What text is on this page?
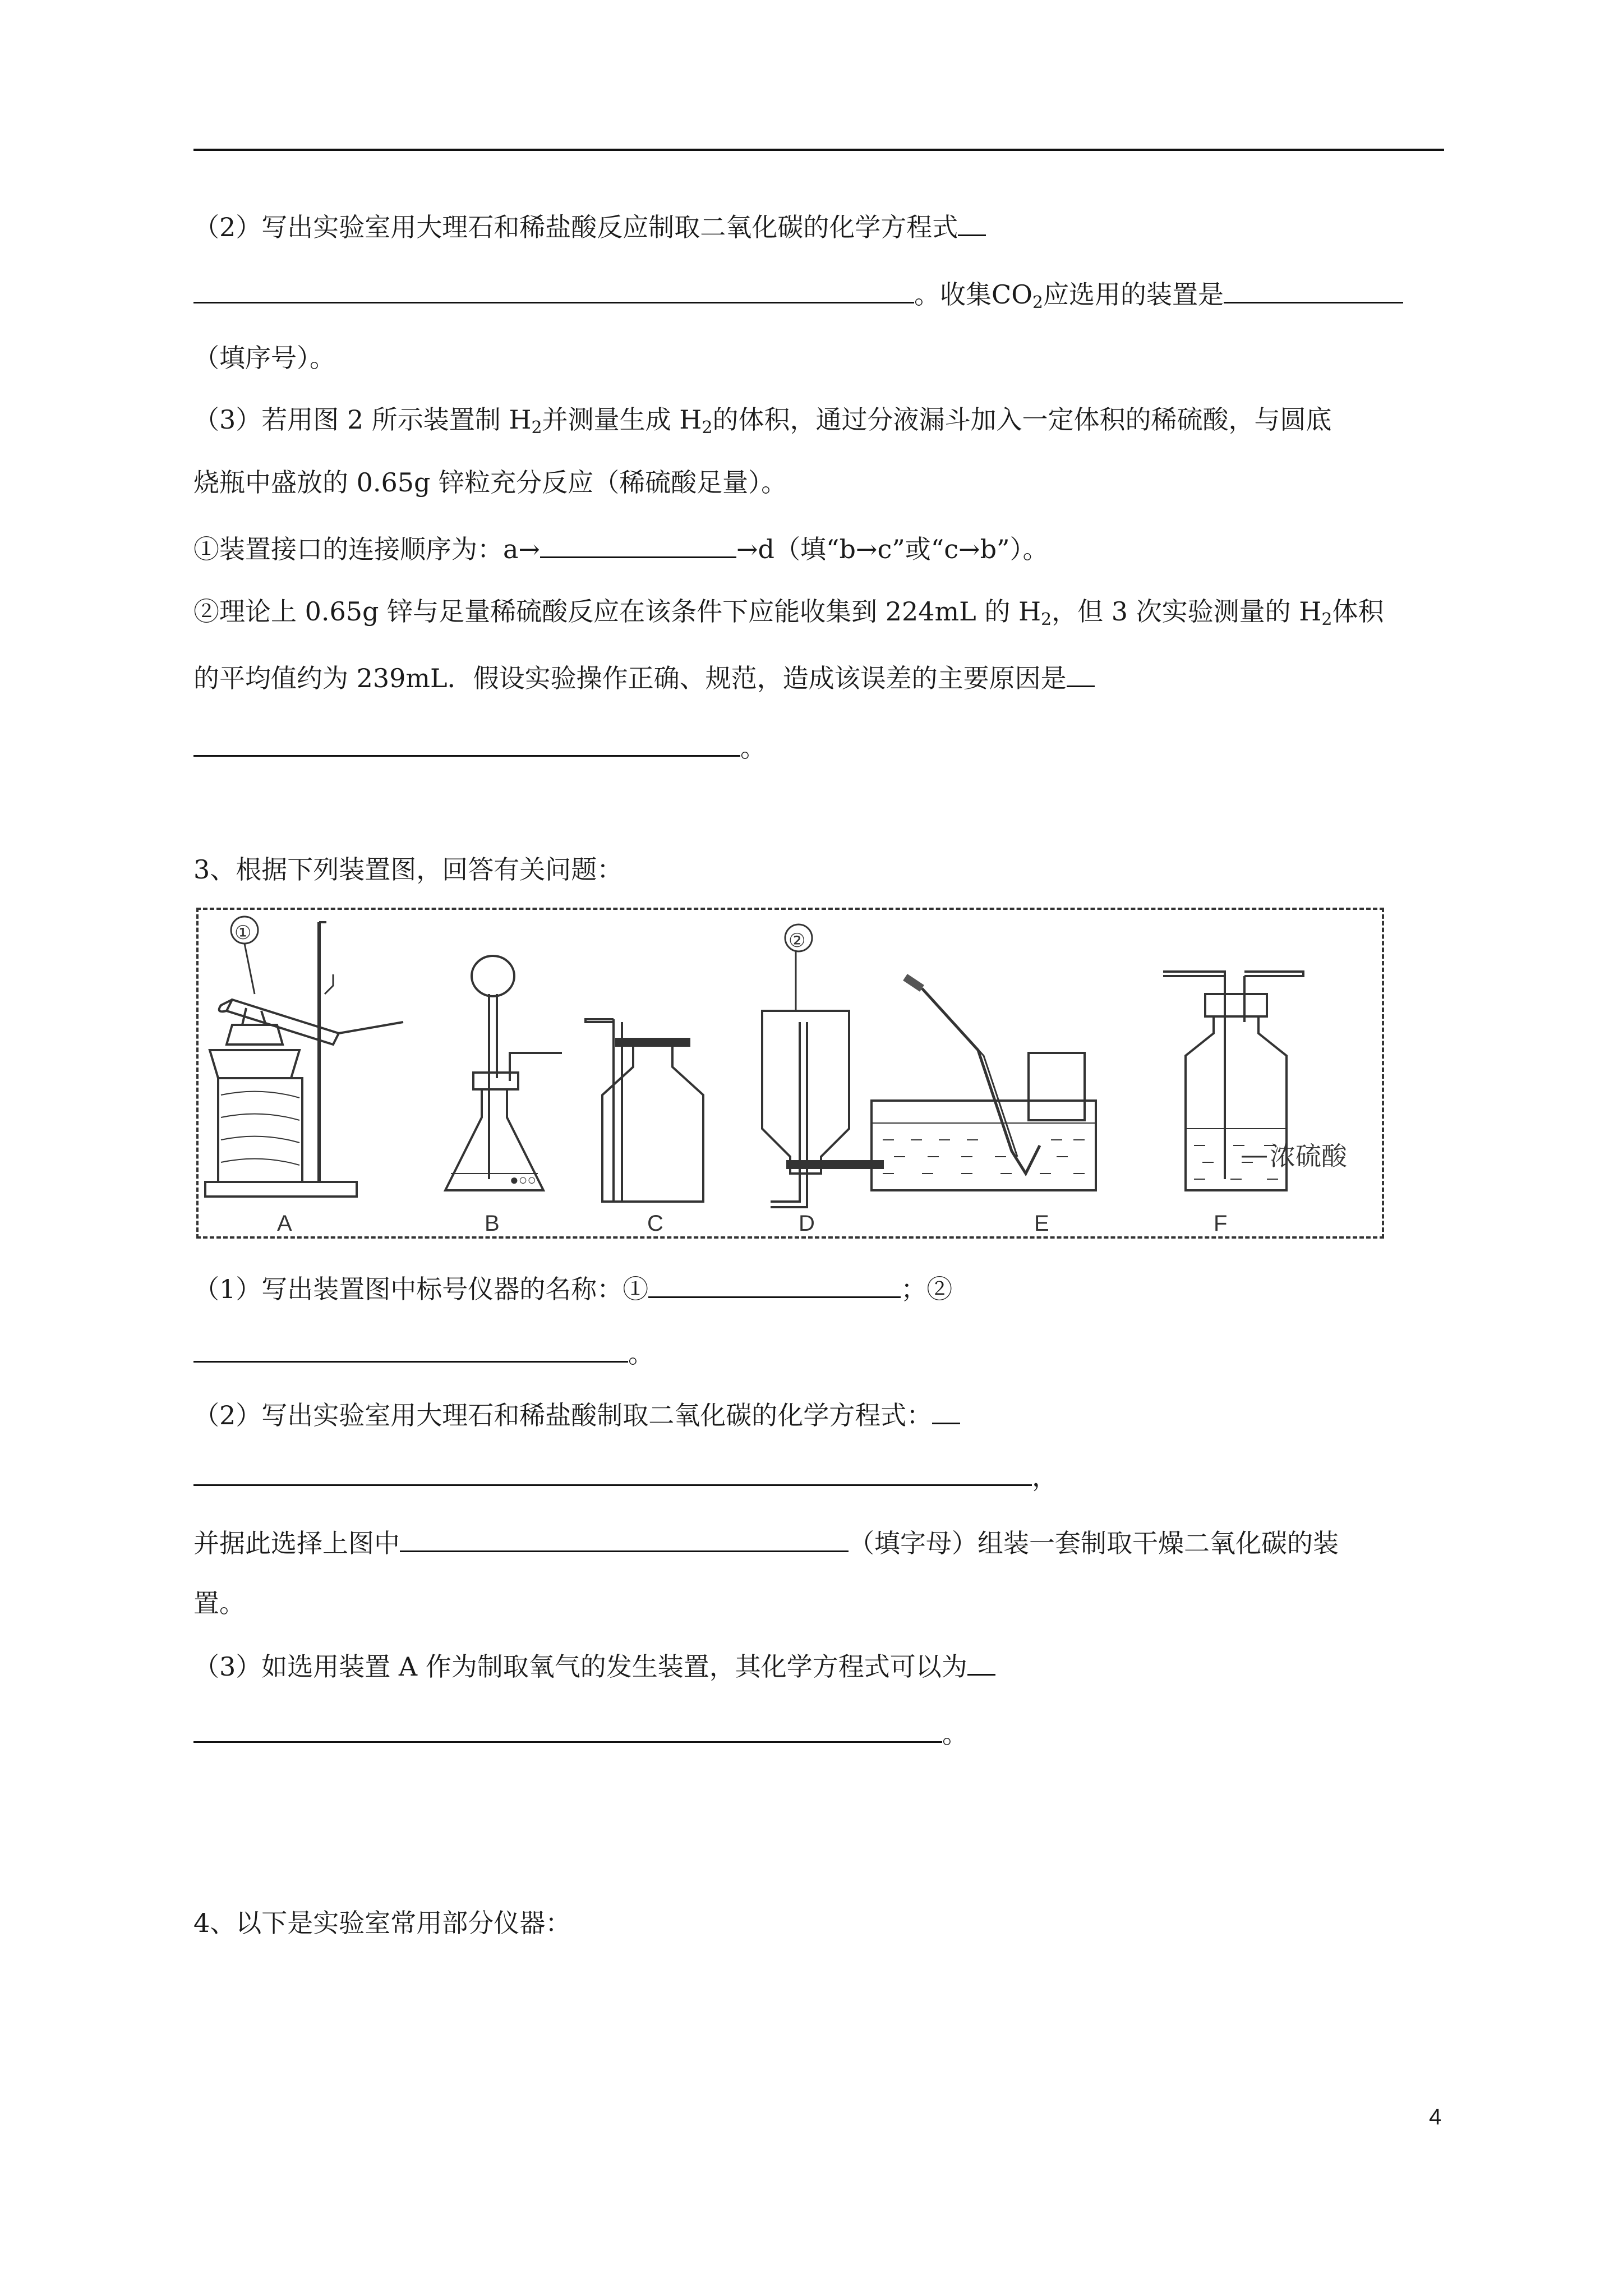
（2）写出实验室用大理石和稀盐酸反应制取二氧化碳的化学方程式
。收集$CO_2$应选用的装置是
（填序号）。
（3）若用图 2 所示装置制 $H_2$并测量生成 $H_2$的体积，通过分液漏斗加入一定体积的稀硫酸，与圆底
烧瓶中盛放的 0.65g 锌粒充分反应（稀硫酸足量）。
①装置接口的连接顺序为：a→	→d（填“b→c”或“c→b”）。
②理论上 0.65g 锌与足量稀硫酸反应在该条件下应能收集到 224mL 的 $H_2$，但 3 次实验测量的 $H_2$体积
的平均值约为 239mL．假设实验操作正确、规范，造成该误差的主要原因是
。
3、根据下列装置图，回答有关问题：
A
●○○
B	C	D	E
浓硫酸
F
①	②
（1）写出装置图中标号仪器的名称：①	；②
。
（2）写出实验室用大理石和稀盐酸制取二氧化碳的化学方程式：
，
并据此选择上图中	（填字母）组装一套制取干燥二氧化碳的装
置。
（3）如选用装置 A 作为制取氧气的发生装置，其化学方程式可以为
。
4、以下是实验室常用部分仪器：
4
